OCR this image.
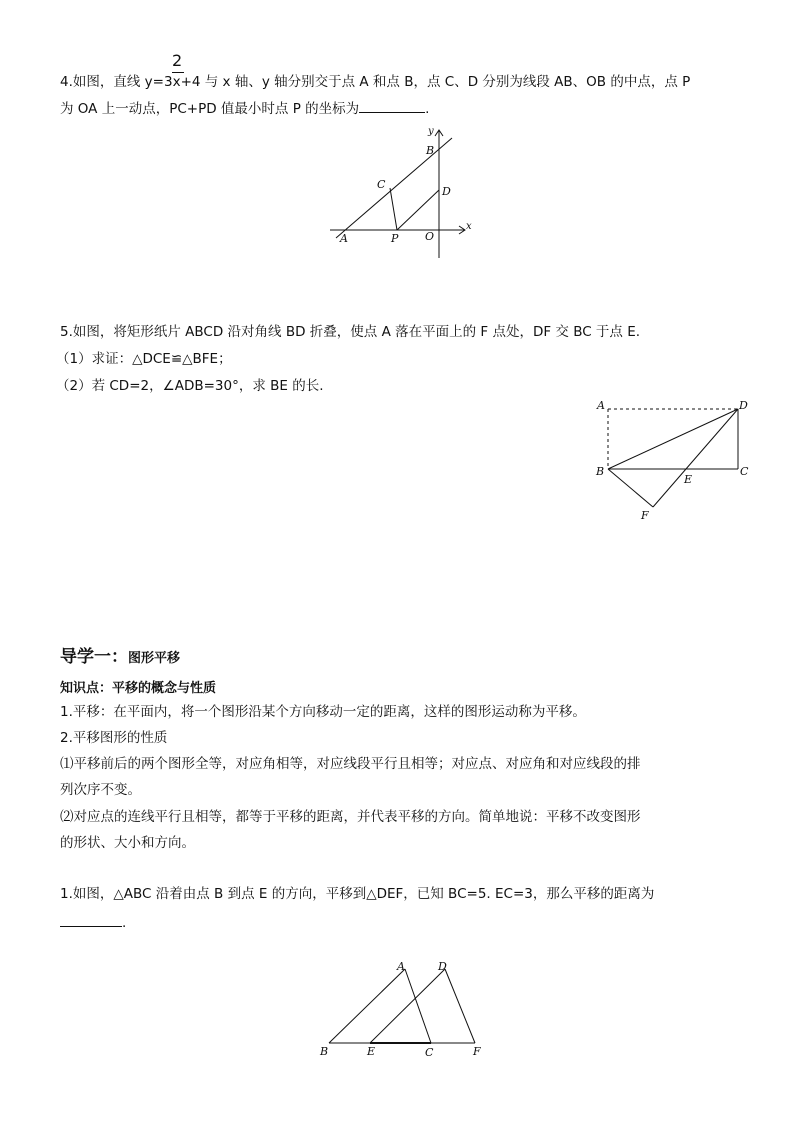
2
4.如图，直线 y=3x+4 与 x 轴、y 轴分别交于点 A 和点 B，点 C、D 分别为线段 AB、OB 的中点，点 P
为 OA 上一动点，PC+PD 值最小时点 P 的坐标为	.
A	P O
x
y
B
C
D
5.如图，将矩形纸片 ABCD 沿对角线 BD 折叠，使点 A 落在平面上的 F 点处，DF 交 BC 于点 E.
（1）求证：△DCE≌△BFE；
（2）若 CD=2，∠ADB=30°，求 BE 的长.
A	D
B
E
C
F
导学一：图形平移
知识点：平移的概念与性质
1.平移：在平面内，将一个图形沿某个方向移动一定的距离，这样的图形运动称为平移。
2.平移图形的性质
⑴平移前后的两个图形全等，对应角相等，对应线段平行且相等；对应点、对应角和对应线段的排
列次序不变。
⑵对应点的连线平行且相等，都等于平移的距离，并代表平移的方向。简单地说：平移不改变图形
的形状、大小和方向。
1.如图，△ABC 沿着由点 B 到点 E 的方向，平移到△DEF，已知 BC=5. EC=3，那么平移的距离为
.
A	D
B	E	C	F
